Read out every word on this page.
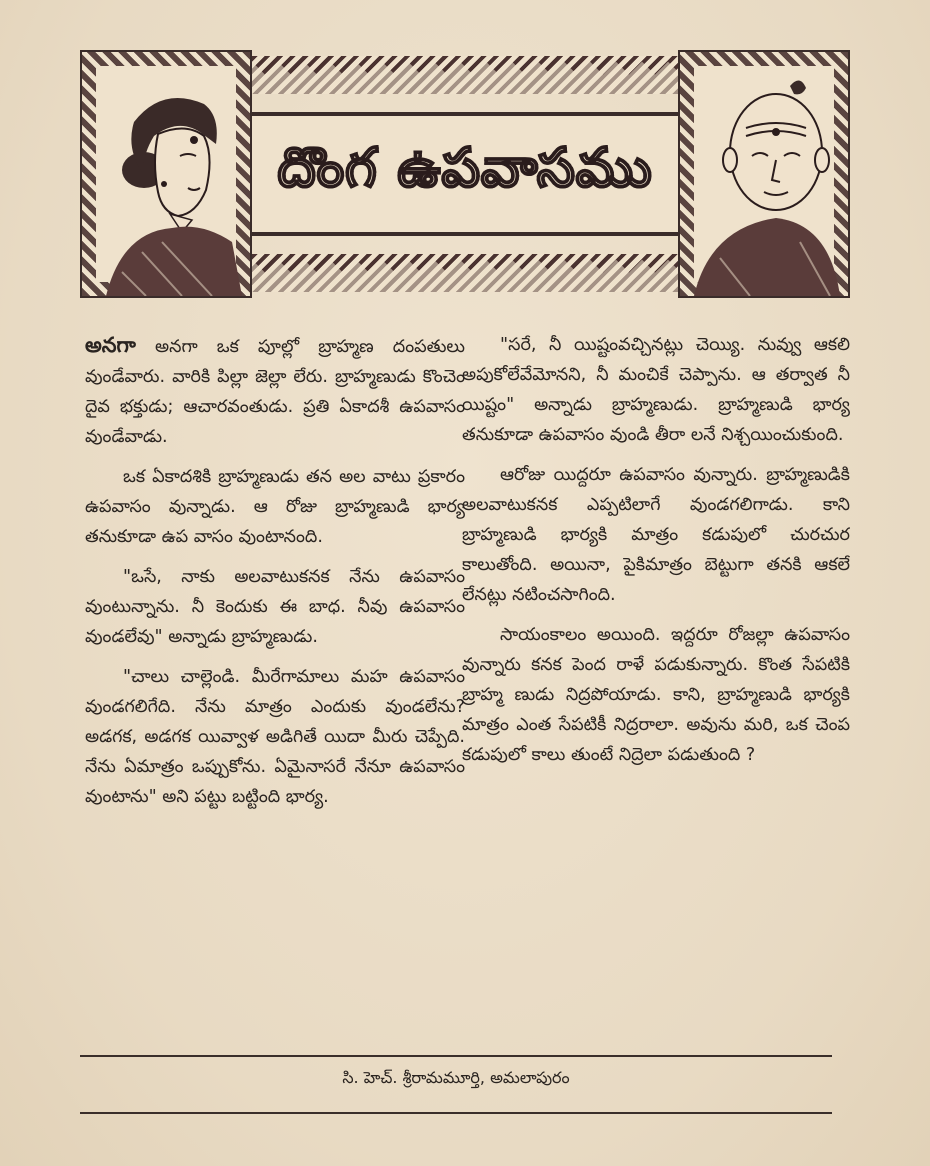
దొంగ ఉపవాసము

అనగా అనగా ఒక పూల్లో బ్రాహ్మణ దంపతులు వుండేవారు. వారికి పిల్లా జెల్లా లేరు. బ్రాహ్మణుడు కొంచెం దైవ భక్తుడు; ఆచారవంతుడు. ప్రతి ఏకాదశీ ఉపవాసం వుండేవాడు.

ఒక ఏకాదశికి బ్రాహ్మణుడు తన అల వాటు ప్రకారం ఉపవాసం వున్నాడు. ఆ రోజు బ్రాహ్మణుడి భార్య తనుకూడా ఉప వాసం వుంటానంది.

"ఒసే, నాకు అలవాటుకనక నేను ఉపవాసం వుంటున్నాను. నీ కెందుకు ఈ బాధ. నీవు ఉపవాసం వుండలేవు" అన్నాడు బ్రాహ్మణుడు.

"చాలు చాల్లెండి. మీరేగామాలు మహ ఉపవాసం వుండగలిగేది. నేను మాత్రం ఎందుకు వుండలేను? అడగక, అడగక యివ్వాళ అడిగితే యిదా మీరు చెప్పేది. నేను ఏమాత్రం ఒప్పుకోను. ఏమైనాసరే నేనూ ఉపవాసం వుంటాను" అని పట్టు బట్టింది భార్య.

"సరే, నీ యిష్టంవచ్చినట్లు చెయ్యి. నువ్వు ఆకలి అపుకోలేవేమోనని, నీ మంచికే చెప్పాను. ఆ తర్వాత నీ యిష్టం" అన్నాడు బ్రాహ్మణుడు. బ్రాహ్మణుడి భార్య తనుకూడా ఉపవాసం వుండి తీరా లనే నిశ్చయించుకుంది.

ఆరోజు యిద్దరూ ఉపవాసం వున్నారు. బ్రాహ్మణుడికి అలవాటుకనక ఎప్పటిలాగే వుండగలిగాడు. కాని బ్రాహ్మణుడి భార్యకి మాత్రం కడుపులో చురచుర కాలుతోంది. అయినా, పైకిమాత్రం బెట్టుగా తనకి ఆకలే లేనట్లు నటించసాగింది.

సాయంకాలం అయింది. ఇద్దరూ రోజల్లా ఉపవాసం వున్నారు కనక పెంద రాళే పడుకున్నారు. కొంత సేపటికి బ్రాహ్మ ణుడు నిద్రపోయాడు. కాని, బ్రాహ్మణుడి భార్యకి మాత్రం ఎంత సేపటికీ నిద్రరాలా. అవును మరి, ఒక చెంప కడుపులో కాలు తుంటే నిద్రెలా పడుతుంది ?

సి. హెచ్. శ్రీరామమూర్తి, అమలాపురం
